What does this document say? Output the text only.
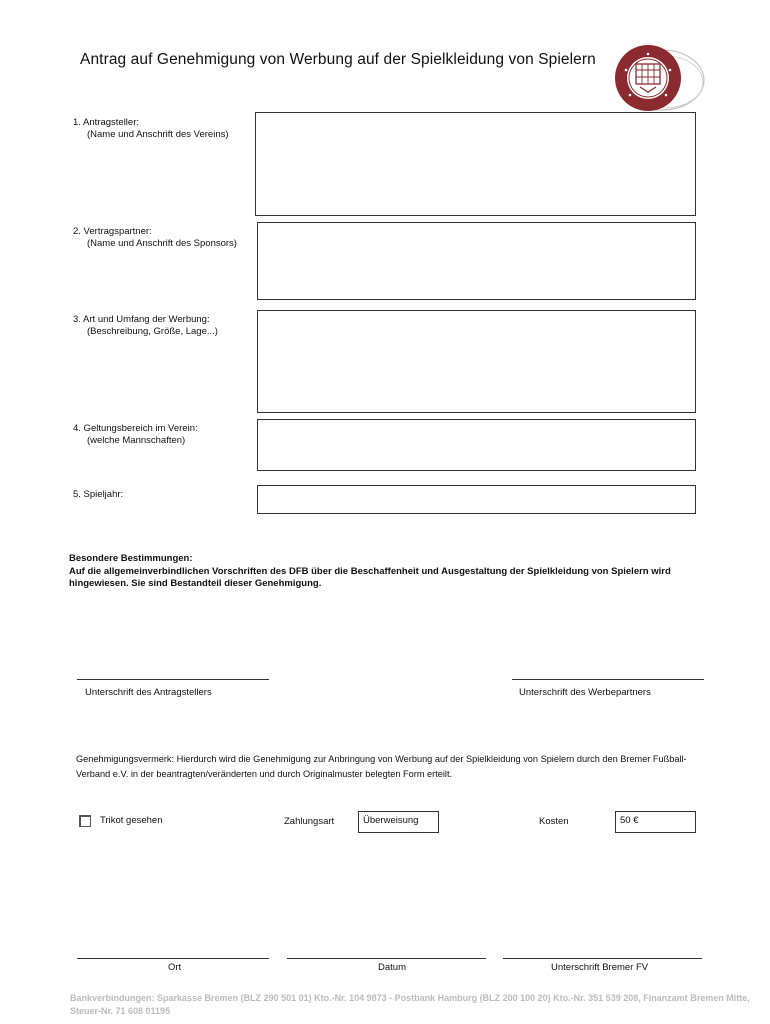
Antrag auf Genehmigung von Werbung auf der Spielkleidung von Spielern
1. Antragsteller:
(Name und Anschrift des Vereins)
2. Vertragspartner:
(Name und Anschrift des Sponsors)
3. Art und Umfang der Werbung:
(Beschreibung, Größe, Lage...)
4. Geltungsbereich im Verein:
(welche Mannschaften)
5. Spieljahr:
Besondere Bestimmungen:
Auf die allgemeinverbindlichen Vorschriften des DFB über die Beschaffenheit und Ausgestaltung der Spielkleidung von Spielern wird hingewiesen. Sie sind Bestandteil dieser Genehmigung.
Unterschrift des Antragstellers	Unterschrift des Werbepartners
Genehmigungsvermerk: Hierdurch wird die Genehmigung zur Anbringung von Werbung auf der Spielkleidung von Spielern durch den Bremer Fußball-Verband e.V. in der beantragten/veränderten und durch Originalmuster belegten Form erteilt.
Trikot gesehen	Zahlungsart	Überweisung	Kosten	50 €
Ort	Datum	Unterschrift Bremer FV
Bankverbindungen: Sparkasse Bremen (BLZ 290 501 01) Kto.-Nr. 104 9873 - Postbank Hamburg (BLZ 200 100 20) Kto.-Nr. 351 539 208, Finanzamt Bremen Mitte, Steuer-Nr. 71 608 01195
